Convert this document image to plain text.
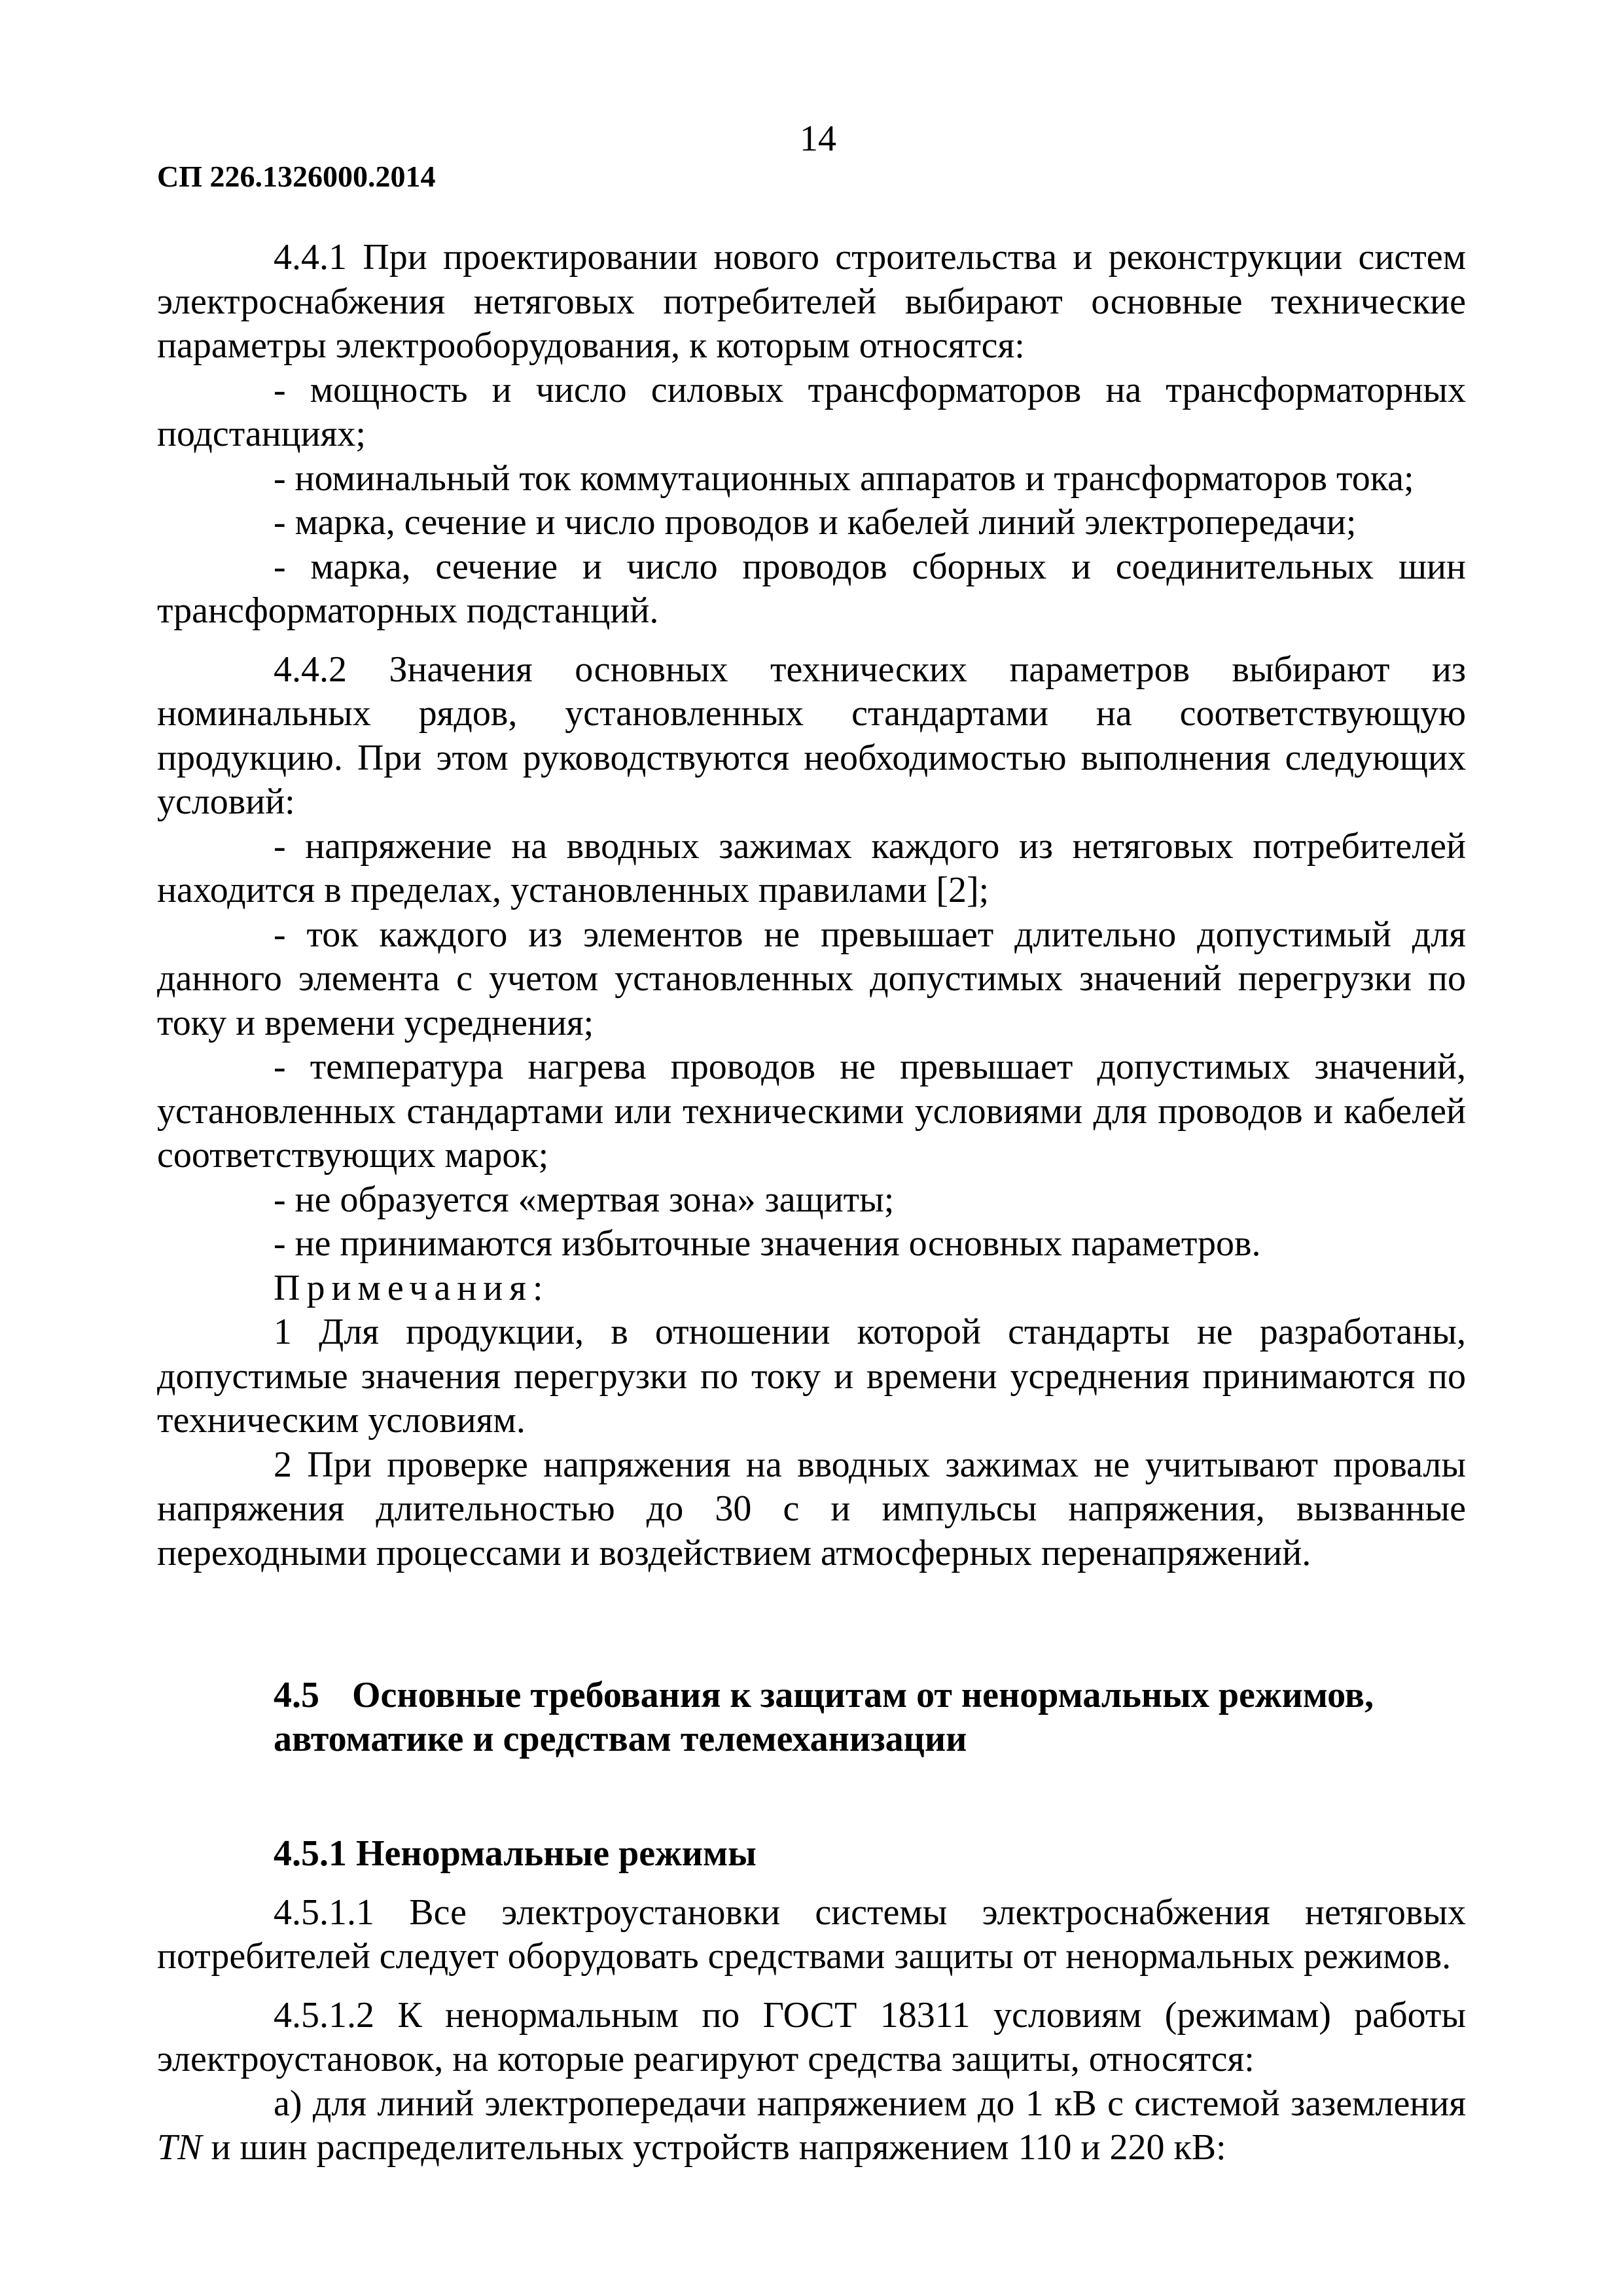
14
СП 226.1326000.2014

4.4.1 При проектировании нового строительства и реконструкции систем электроснабжения нетяговых потребителей выбирают основные технические параметры электрооборудования, к которым относятся:

- мощность и число силовых трансформаторов на трансформаторных подстанциях;

- номинальный ток коммутационных аппаратов и трансформаторов тока;

- марка, сечение и число проводов и кабелей линий электропередачи;

- марка, сечение и число проводов сборных и соединительных шин трансформаторных подстанций.

4.4.2 Значения основных технических параметров выбирают из номинальных рядов, установленных стандартами на соответствующую продукцию. При этом руководствуются необходимостью выполнения следующих условий:

- напряжение на вводных зажимах каждого из нетяговых потребителей находится в пределах, установленных правилами [2];

- ток каждого из элементов не превышает длительно допустимый для данного элемента с учетом установленных допустимых значений перегрузки по току и времени усреднения;

- температура нагрева проводов не превышает допустимых значений, установленных стандартами или техническими условиями для проводов и кабелей соответствующих марок;

- не образуется «мертвая зона» защиты;

- не принимаются избыточные значения основных параметров.

Примечания:

1 Для продукции, в отношении которой стандарты не разработаны, допустимые значения перегрузки по току и времени усреднения принимаются по техническим условиям.

2 При проверке напряжения на вводных зажимах не учитывают провалы напряжения длительностью до 30 с и импульсы напряжения, вызванные переходными процессами и воздействием атмосферных перенапряжений.

4.5 Основные требования к защитам от ненормальных режимов, автоматике и средствам телемеханизации
4.5.1 Ненормальные режимы

4.5.1.1 Все электроустановки системы электроснабжения нетяговых потребителей следует оборудовать средствами защиты от ненормальных режимов.

4.5.1.2 К ненормальным по ГОСТ 18311 условиям (режимам) работы электроустановок, на которые реагируют средства защиты, относятся:

а) для линий электропередачи напряжением до 1 кВ с системой заземления TN и шин распределительных устройств напряжением 110 и 220 кВ:
